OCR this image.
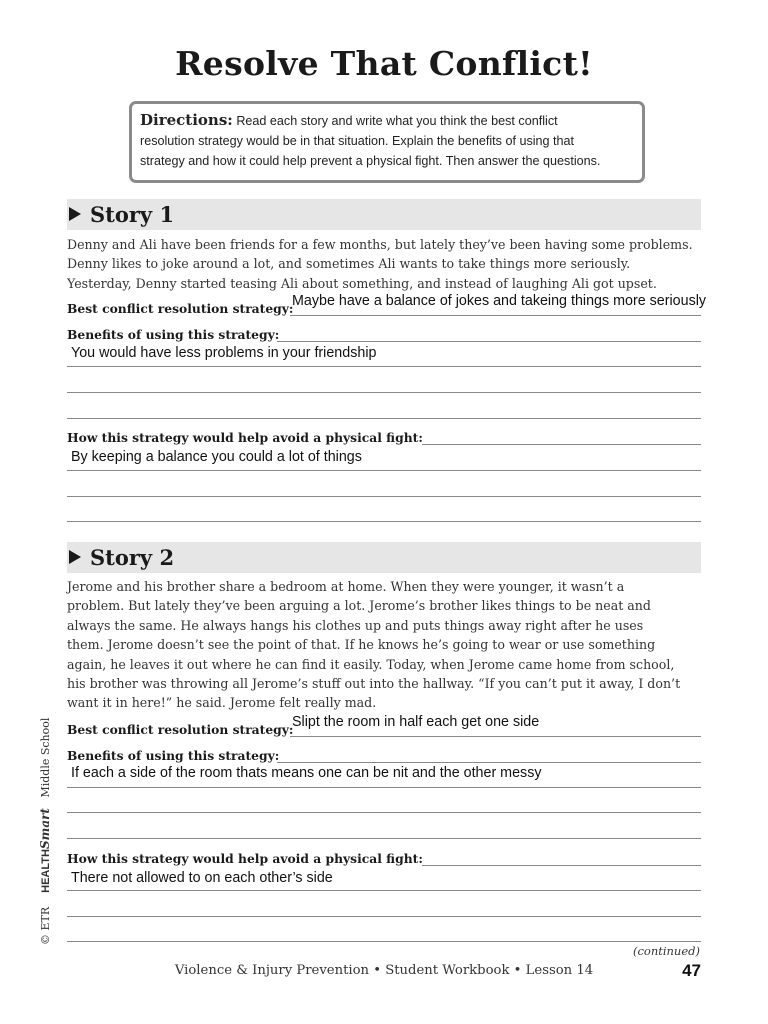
Resolve That Conflict!
Directions: Read each story and write what you think the best conflict
resolution strategy would be in that situation. Explain the benefits of using that
strategy and how it could help prevent a physical fight. Then answer the questions.
Story 1
Denny and Ali have been friends for a few months, but lately they’ve been having some problems.
Denny likes to joke around a lot, and sometimes Ali wants to take things more seriously.
Yesterday, Denny started teasing Ali about something, and instead of laughing Ali got upset.
Best conflict resolution strategy:
Maybe have a balance of jokes and takeing things more seriously
Benefits of using this strategy:
You would have less problems in your friendship
How this strategy would help avoid a physical fight:
By keeping a balance you could a lot of things
Story 2
Jerome and his brother share a bedroom at home. When they were younger, it wasn’t a
problem. But lately they’ve been arguing a lot. Jerome’s brother likes things to be neat and
always the same. He always hangs his clothes up and puts things away right after he uses
them. Jerome doesn’t see the point of that. If he knows he’s going to wear or use something
again, he leaves it out where he can find it easily. Today, when Jerome came home from school,
his brother was throwing all Jerome’s stuff out into the hallway. “If you can’t put it away, I don’t
want it in here!” he said. Jerome felt really mad.
Best conflict resolution strategy:
Slipt the room in half each get one side
Benefits of using this strategy:
If each a side of the room thats means one can be nit and the other messy
How this strategy would help avoid a physical fight:
There not allowed to on each other’s side
© ETR    HEALTHSmart   Middle School
(continued)
Violence & Injury Prevention • Student Workbook • Lesson 14	47
